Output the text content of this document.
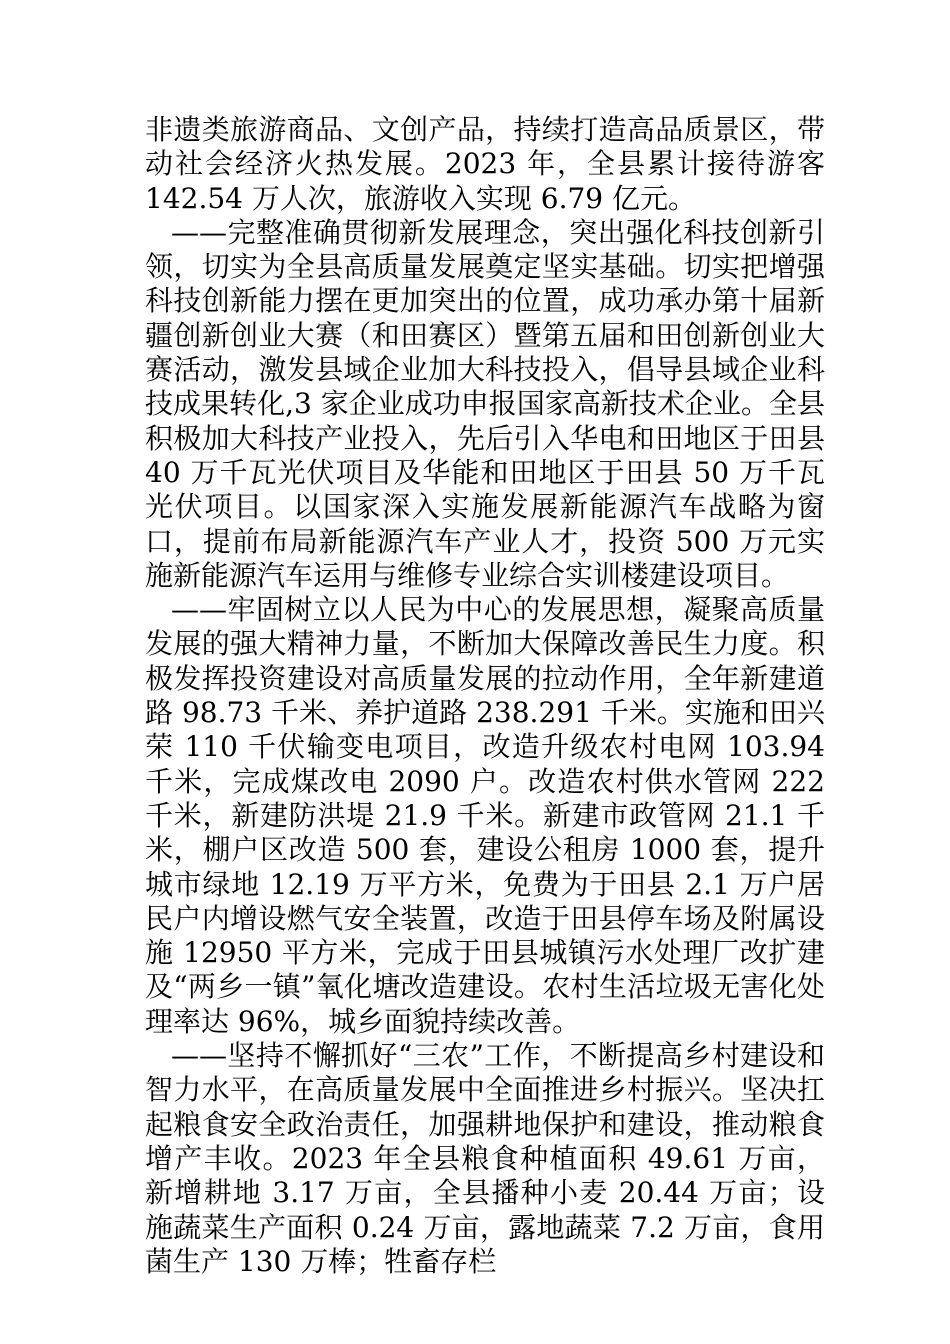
非遗类旅游商品、文创产品，持续打造高品质景区，带动社会经济火热发展。2023 年，全县累计接待游客 142.54 万人次，旅游收入实现 6.79 亿元。

——完整准确贯彻新发展理念，突出强化科技创新引领，切实为全县高质量发展奠定坚实基础。切实把增强科技创新能力摆在更加突出的位置，成功承办第十届新疆创新创业大赛（和田赛区）暨第五届和田创新创业大赛活动，激发县域企业加大科技投入，倡导县域企业科技成果转化,3 家企业成功申报国家高新技术企业。全县积极加大科技产业投入，先后引入华电和田地区于田县 40 万千瓦光伏项目及华能和田地区于田县 50 万千瓦光伏项目。以国家深入实施发展新能源汽车战略为窗口，提前布局新能源汽车产业人才，投资 500 万元实施新能源汽车运用与维修专业综合实训楼建设项目。

——牢固树立以人民为中心的发展思想，凝聚高质量发展的强大精神力量，不断加大保障改善民生力度。积极发挥投资建设对高质量发展的拉动作用，全年新建道路 98.73 千米、养护道路 238.291 千米。实施和田兴荣 110 千伏输变电项目，改造升级农村电网 103.94 千米，完成煤改电 2090 户。改造农村供水管网 222 千米，新建防洪堤 21.9 千米。新建市政管网 21.1 千米，棚户区改造 500 套，建设公租房 1000 套，提升城市绿地 12.19 万平方米，免费为于田县 2.1 万户居民户内增设燃气安全装置，改造于田县停车场及附属设施 12950 平方米，完成于田县城镇污水处理厂改扩建及“两乡一镇”氧化塘改造建设。农村生活垃圾无害化处理率达 96%，城乡面貌持续改善。

——坚持不懈抓好“三农”工作，不断提高乡村建设和智力水平，在高质量发展中全面推进乡村振兴。坚决扛起粮食安全政治责任，加强耕地保护和建设，推动粮食增产丰收。2023 年全县粮食种植面积 49.61 万亩，新增耕地 3.17 万亩，全县播种小麦 20.44 万亩；设施蔬菜生产面积 0.24 万亩，露地蔬菜 7.2 万亩，食用菌生产 130 万棒；牲畜存栏
